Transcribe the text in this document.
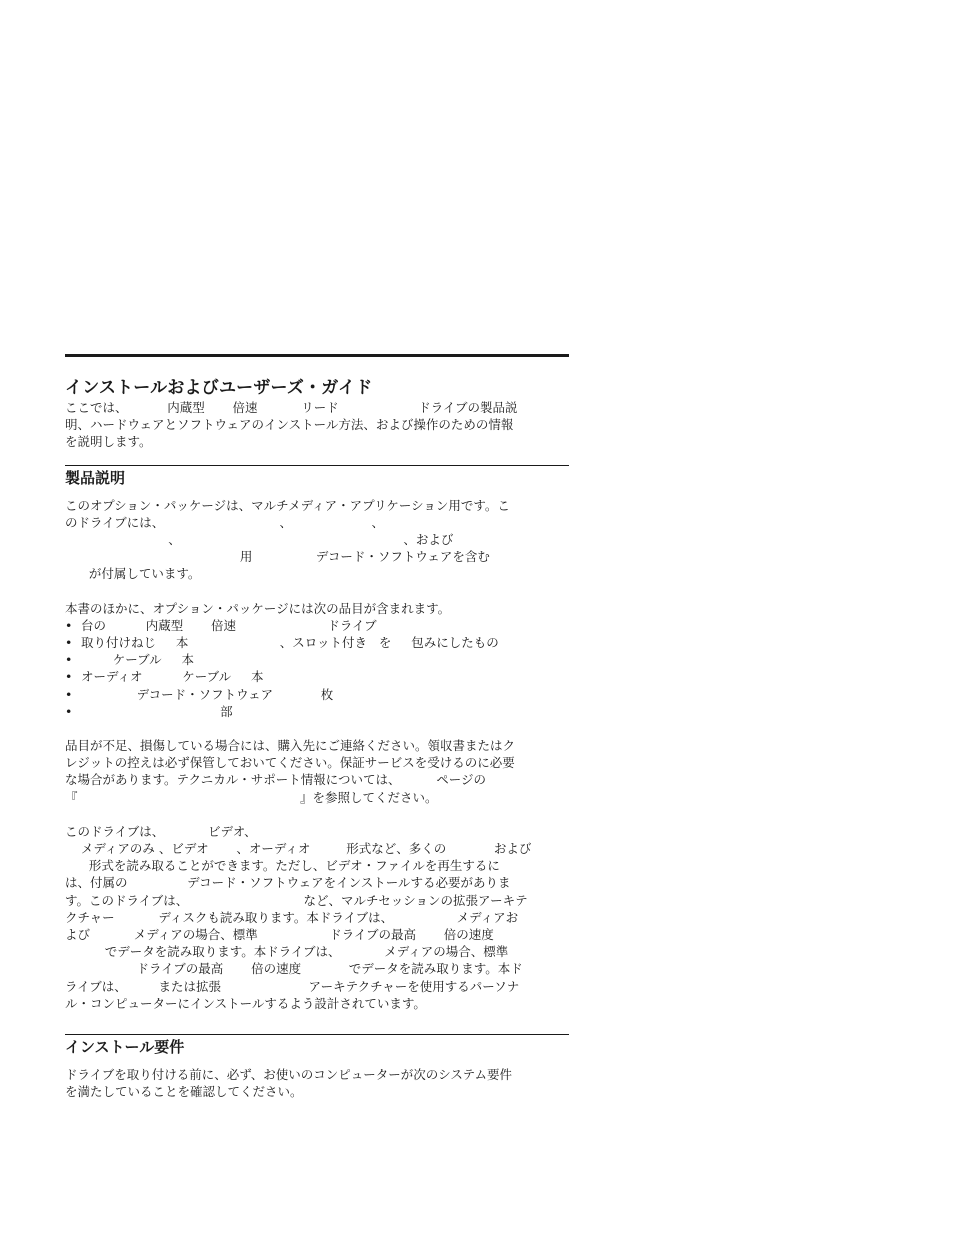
インストールおよびユーザーズ・ガイド

ここでは、          内蔵型       倍速           リード                    ドライブの製品説
明、ハードウェアとソフトウェアのインストール方法、および操作のための情報
を説明します。

製品説明

このオプション・パッケージは、マルチメディア・アプリケーション用です。こ
のドライブには、                             、                    、
、                                                        、および
用                デコード・ソフトウェアを含む
が付属しています。

本書のほかに、オプション・パッケージには次の品目が含まれます。

• 台の          内蔵型       倍速                       ドライブ
• 取り付けねじ     本                       、スロット付き   を     包みにしたもの
•         ケーブル     本
• オーディオ          ケーブル     本
•               デコード・ソフトウェア            枚
•                                    部

品目が不足、損傷している場合には、購入先にご連絡ください。領収書またはク
レジットの控えは必ず保管しておいてください。保証サービスを受けるのに必要
な場合があります。テクニカル・サポート情報については、         ページの
『                                                        』を参照してください。

このドライブは、           ビデオ、
メディアのみ 、ビデオ       、オーディオ         形式など、多くの            および
形式を読み取ることができます。ただし、ビデオ・ファイルを再生するに
は、付属の               デコード・ソフトウェアをインストールする必要がありま
す。このドライブは、                             など、マルチセッションの拡張アーキテ
クチャー           ディスクも読み取ります。本ドライブは、                メディアお
よび           メディアの場合、標準                  ドライブの最高       倍の速度
でデータを読み取ります。本ドライブは、           メディアの場合、標準
ドライブの最高       倍の速度            でデータを読み取ります。本ド
ライブは、        または拡張                      アーキテクチャーを使用するパーソナ
ル・コンピューターにインストールするよう設計されています。

インストール要件

ドライブを取り付ける前に、必ず、お使いのコンピューターが次のシステム要件
を満たしていることを確認してください。
